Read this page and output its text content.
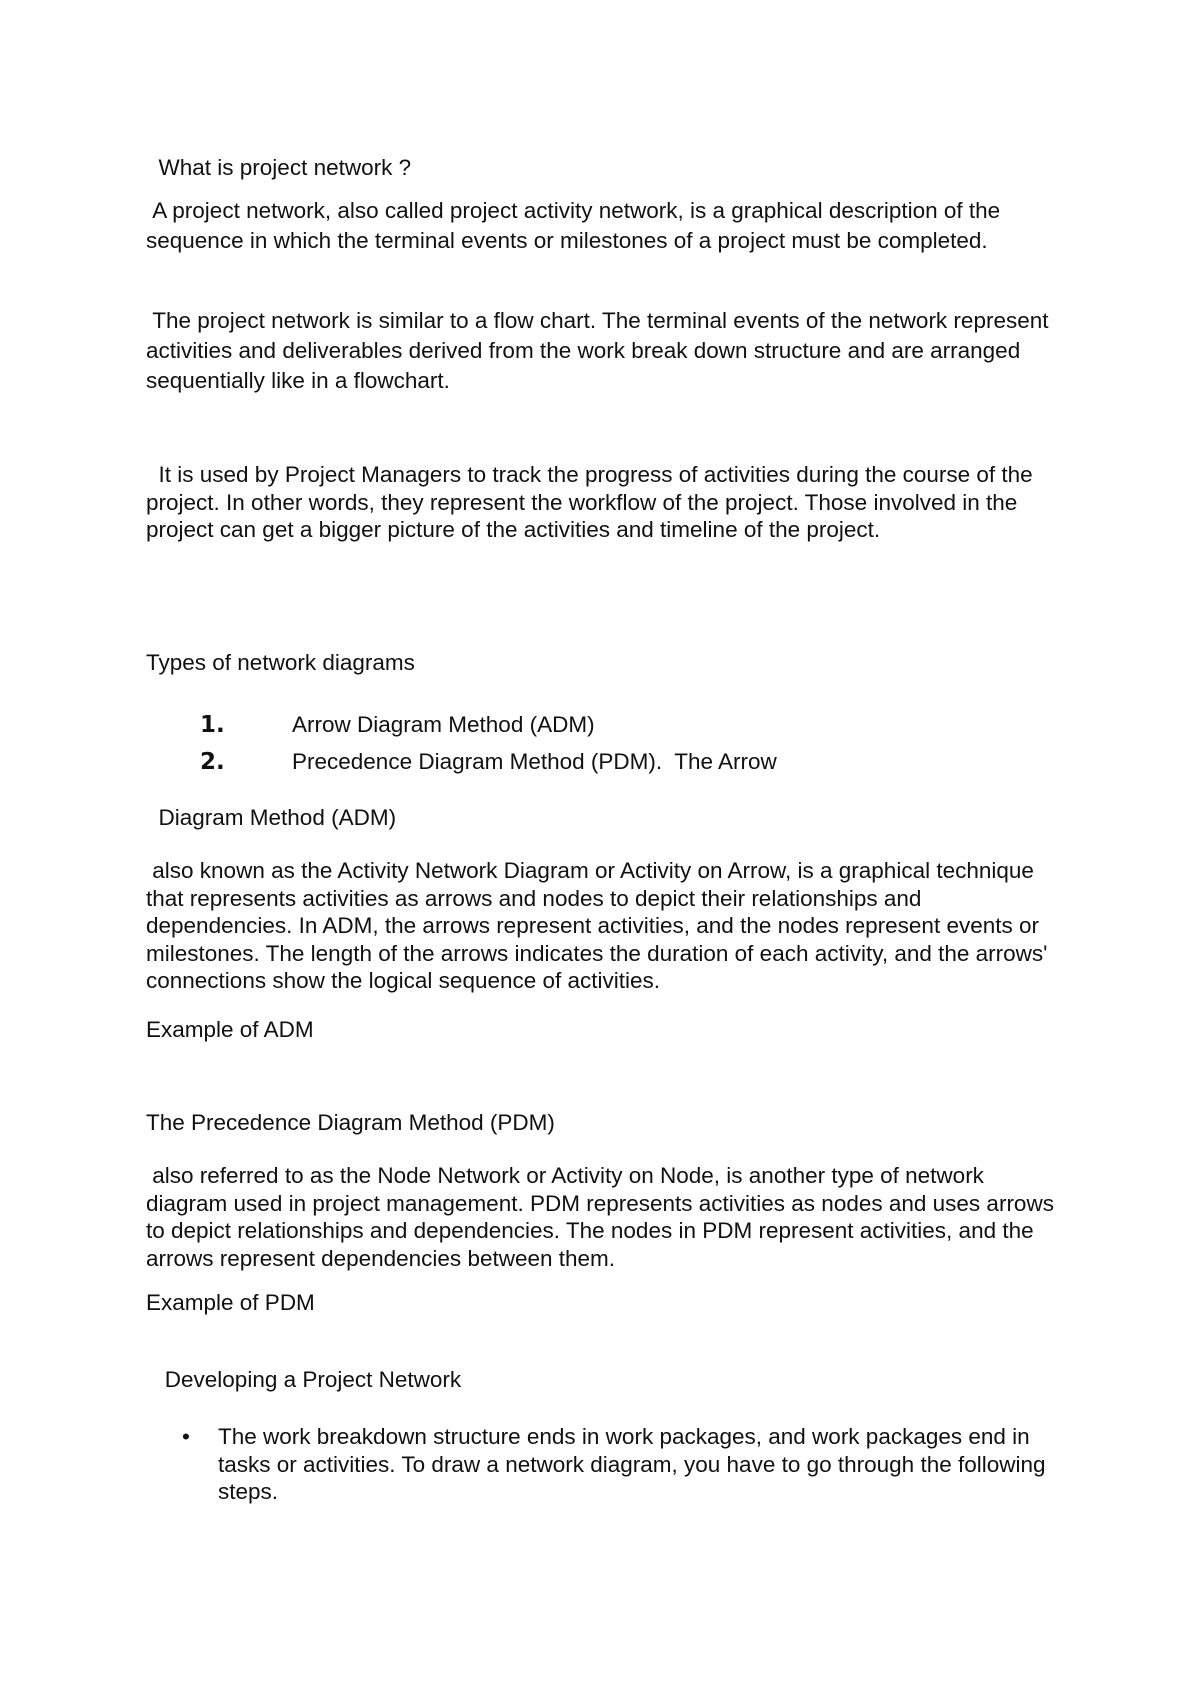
What is project network ?

A project network, also called project activity network, is a graphical description of the sequence in which the terminal events or milestones of a project must be completed.

The project network is similar to a flow chart. The terminal events of the network represent activities and deliverables derived from the work break down structure and are arranged sequentially like in a flowchart.

It is used by Project Managers to track the progress of activities during the course of the project. In other words, they represent the workflow of the project. Those involved in the project can get a bigger picture of the activities and timeline of the project.

Types of network diagrams

1.	Arrow Diagram Method (ADM)
2.	Precedence Diagram Method (PDM).  The Arrow

Diagram Method (ADM)

also known as the Activity Network Diagram or Activity on Arrow, is a graphical technique that represents activities as arrows and nodes to depict their relationships and dependencies. In ADM, the arrows represent activities, and the nodes represent events or milestones. The length of the arrows indicates the duration of each activity, and the arrows' connections show the logical sequence of activities.

Example of ADM

The Precedence Diagram Method (PDM)

also referred to as the Node Network or Activity on Node, is another type of network diagram used in project management. PDM represents activities as nodes and uses arrows to depict relationships and dependencies. The nodes in PDM represent activities, and the arrows represent dependencies between them.

Example of PDM

Developing a Project Network

• The work breakdown structure ends in work packages, and work packages end in tasks or activities. To draw a network diagram, you have to go through the following steps.
